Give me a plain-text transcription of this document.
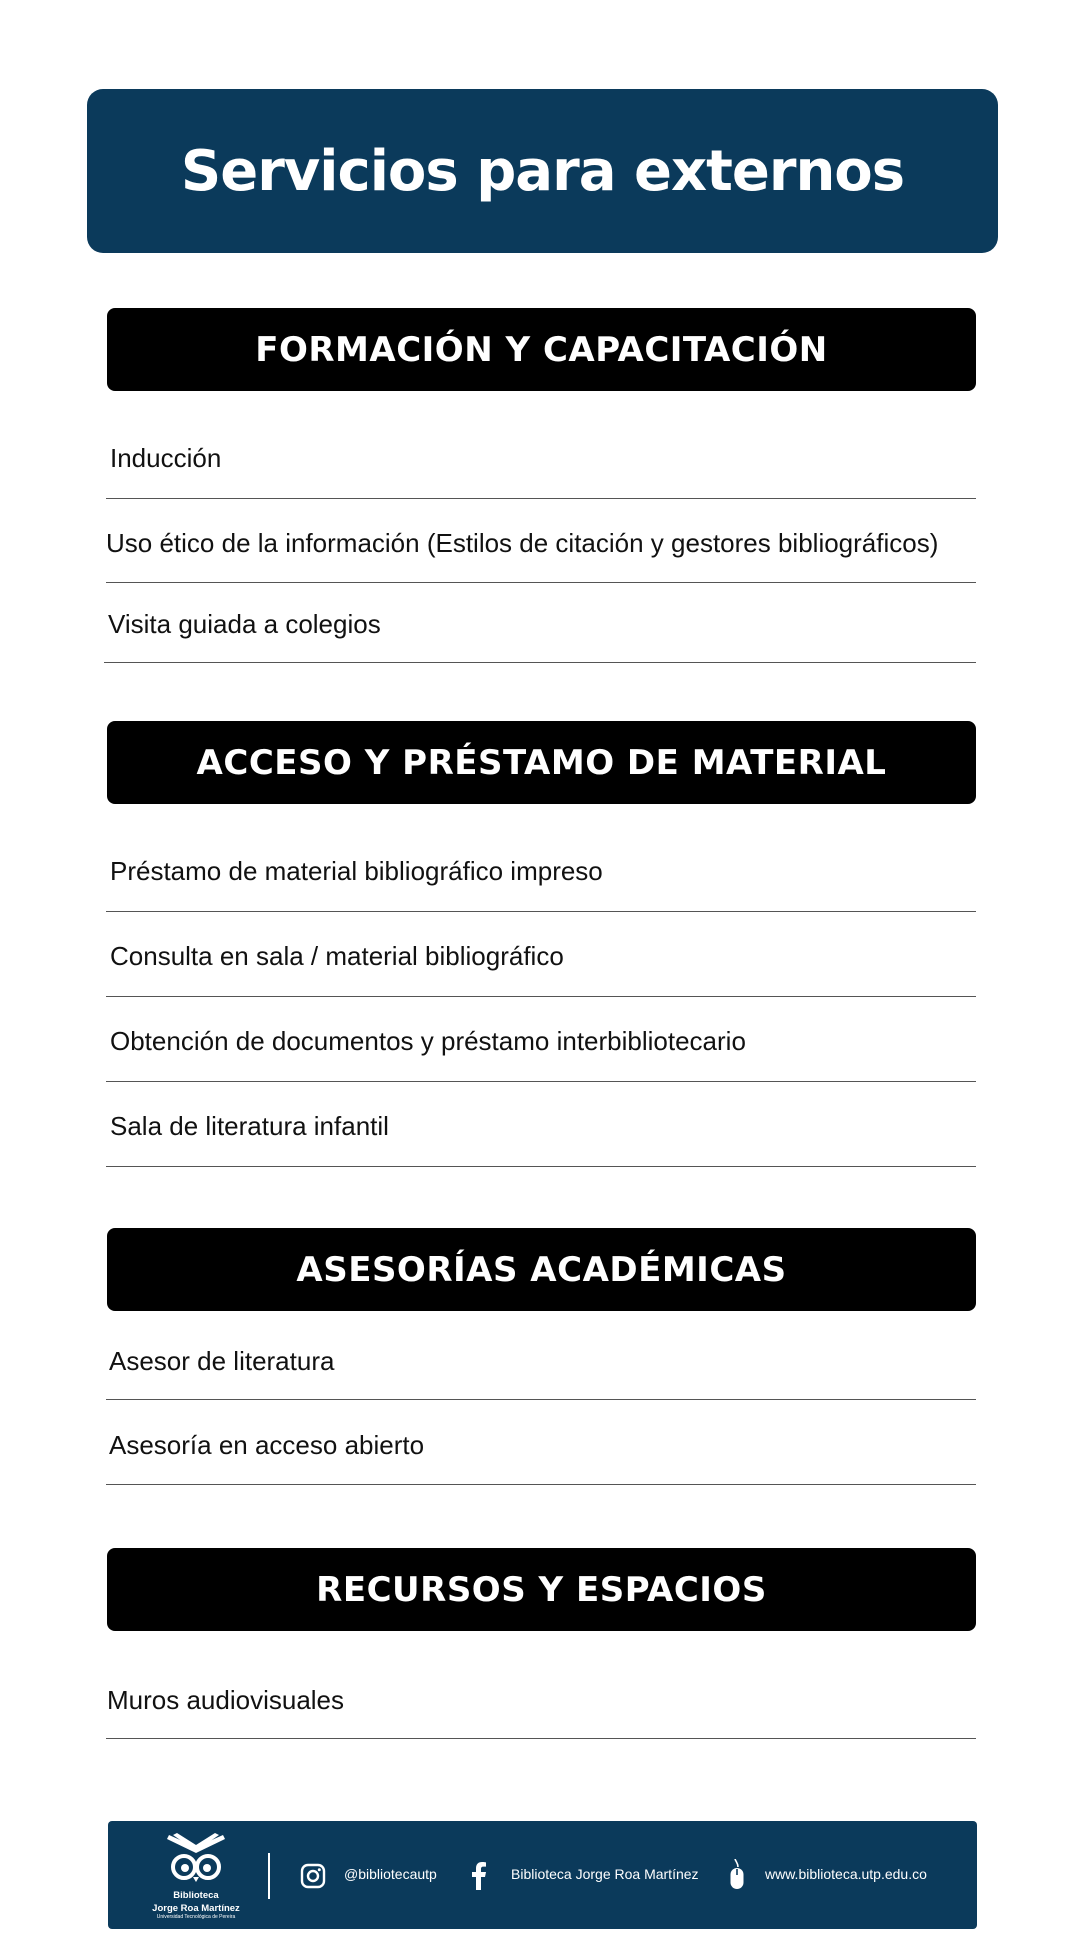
Servicios para externos
FORMACIÓN Y CAPACITACIÓN
Inducción
Uso ético de la información (Estilos de citación y gestores bibliográficos)
Visita guiada a colegios
ACCESO Y PRÉSTAMO DE MATERIAL
Préstamo de material bibliográfico impreso
Consulta en sala / material bibliográfico
Obtención de documentos y préstamo interbibliotecario
Sala de literatura infantil
ASESORÍAS ACADÉMICAS
Asesor de literatura
Asesoría en acceso abierto
RECURSOS Y ESPACIOS
Muros audiovisuales
Biblioteca
Jorge Roa Martínez
Universidad Tecnológica de Pereira
@bibliotecautp	Biblioteca Jorge Roa Martínez	www.biblioteca.utp.edu.co
